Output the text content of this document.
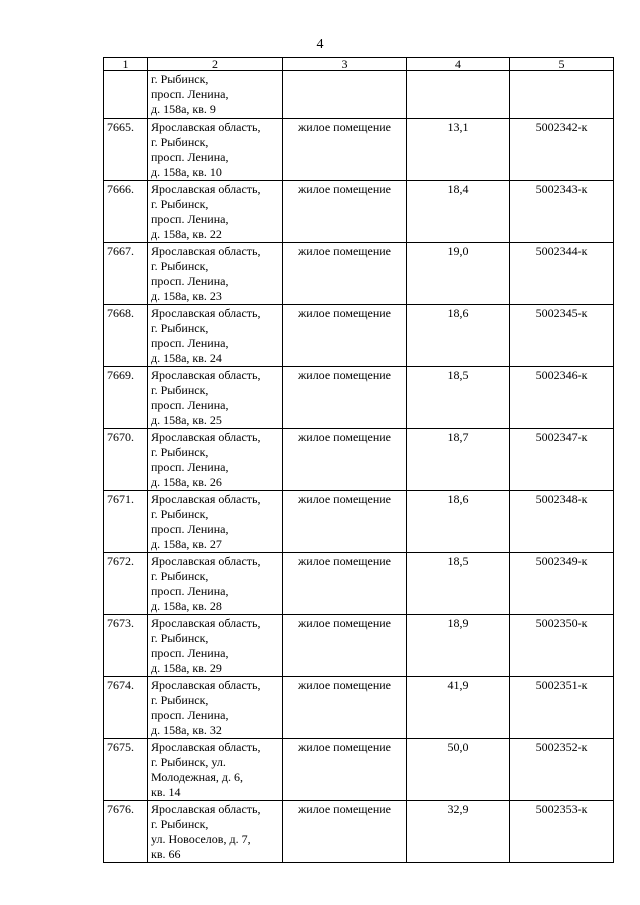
4
1	2	3	4	5
	г. Рыбинск,
просп. Ленина,
д. 158а, кв. 9			
7665.	Ярославская область,
г. Рыбинск,
просп. Ленина,
д. 158а, кв. 10	жилое помещение	13,1	5002342-к
7666.	Ярославская область,
г. Рыбинск,
просп. Ленина,
д. 158а, кв. 22	жилое помещение	18,4	5002343-к
7667.	Ярославская область,
г. Рыбинск,
просп. Ленина,
д. 158а, кв. 23	жилое помещение	19,0	5002344-к
7668.	Ярославская область,
г. Рыбинск,
просп. Ленина,
д. 158а, кв. 24	жилое помещение	18,6	5002345-к
7669.	Ярославская область,
г. Рыбинск,
просп. Ленина,
д. 158а, кв. 25	жилое помещение	18,5	5002346-к
7670.	Ярославская область,
г. Рыбинск,
просп. Ленина,
д. 158а, кв. 26	жилое помещение	18,7	5002347-к
7671.	Ярославская область,
г. Рыбинск,
просп. Ленина,
д. 158а, кв. 27	жилое помещение	18,6	5002348-к
7672.	Ярославская область,
г. Рыбинск,
просп. Ленина,
д. 158а, кв. 28	жилое помещение	18,5	5002349-к
7673.	Ярославская область,
г. Рыбинск,
просп. Ленина,
д. 158а, кв. 29	жилое помещение	18,9	5002350-к
7674.	Ярославская область,
г. Рыбинск,
просп. Ленина,
д. 158а, кв. 32	жилое помещение	41,9	5002351-к
7675.	Ярославская область,
г. Рыбинск, ул.
Молодежная, д. 6,
кв. 14	жилое помещение	50,0	5002352-к
7676.	Ярославская область,
г. Рыбинск,
ул. Новоселов, д. 7,
кв. 66	жилое помещение	32,9	5002353-к
